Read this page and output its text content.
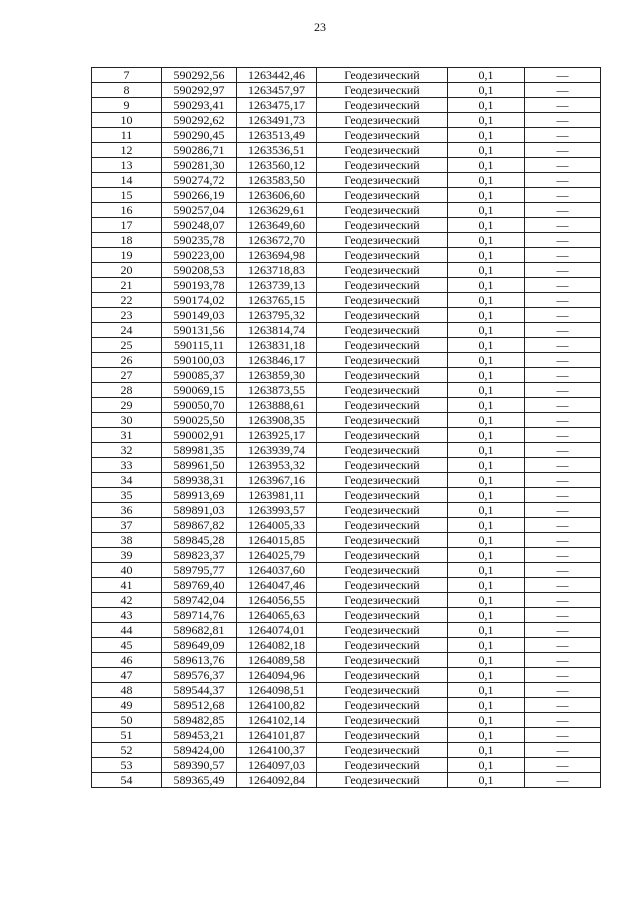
23
7	590292,56	1263442,46	Геодезический	0,1	—
8	590292,97	1263457,97	Геодезический	0,1	—
9	590293,41	1263475,17	Геодезический	0,1	—
10	590292,62	1263491,73	Геодезический	0,1	—
11	590290,45	1263513,49	Геодезический	0,1	—
12	590286,71	1263536,51	Геодезический	0,1	—
13	590281,30	1263560,12	Геодезический	0,1	—
14	590274,72	1263583,50	Геодезический	0,1	—
15	590266,19	1263606,60	Геодезический	0,1	—
16	590257,04	1263629,61	Геодезический	0,1	—
17	590248,07	1263649,60	Геодезический	0,1	—
18	590235,78	1263672,70	Геодезический	0,1	—
19	590223,00	1263694,98	Геодезический	0,1	—
20	590208,53	1263718,83	Геодезический	0,1	—
21	590193,78	1263739,13	Геодезический	0,1	—
22	590174,02	1263765,15	Геодезический	0,1	—
23	590149,03	1263795,32	Геодезический	0,1	—
24	590131,56	1263814,74	Геодезический	0,1	—
25	590115,11	1263831,18	Геодезический	0,1	—
26	590100,03	1263846,17	Геодезический	0,1	—
27	590085,37	1263859,30	Геодезический	0,1	—
28	590069,15	1263873,55	Геодезический	0,1	—
29	590050,70	1263888,61	Геодезический	0,1	—
30	590025,50	1263908,35	Геодезический	0,1	—
31	590002,91	1263925,17	Геодезический	0,1	—
32	589981,35	1263939,74	Геодезический	0,1	—
33	589961,50	1263953,32	Геодезический	0,1	—
34	589938,31	1263967,16	Геодезический	0,1	—
35	589913,69	1263981,11	Геодезический	0,1	—
36	589891,03	1263993,57	Геодезический	0,1	—
37	589867,82	1264005,33	Геодезический	0,1	—
38	589845,28	1264015,85	Геодезический	0,1	—
39	589823,37	1264025,79	Геодезический	0,1	—
40	589795,77	1264037,60	Геодезический	0,1	—
41	589769,40	1264047,46	Геодезический	0,1	—
42	589742,04	1264056,55	Геодезический	0,1	—
43	589714,76	1264065,63	Геодезический	0,1	—
44	589682,81	1264074,01	Геодезический	0,1	—
45	589649,09	1264082,18	Геодезический	0,1	—
46	589613,76	1264089,58	Геодезический	0,1	—
47	589576,37	1264094,96	Геодезический	0,1	—
48	589544,37	1264098,51	Геодезический	0,1	—
49	589512,68	1264100,82	Геодезический	0,1	—
50	589482,85	1264102,14	Геодезический	0,1	—
51	589453,21	1264101,87	Геодезический	0,1	—
52	589424,00	1264100,37	Геодезический	0,1	—
53	589390,57	1264097,03	Геодезический	0,1	—
54	589365,49	1264092,84	Геодезический	0,1	—
